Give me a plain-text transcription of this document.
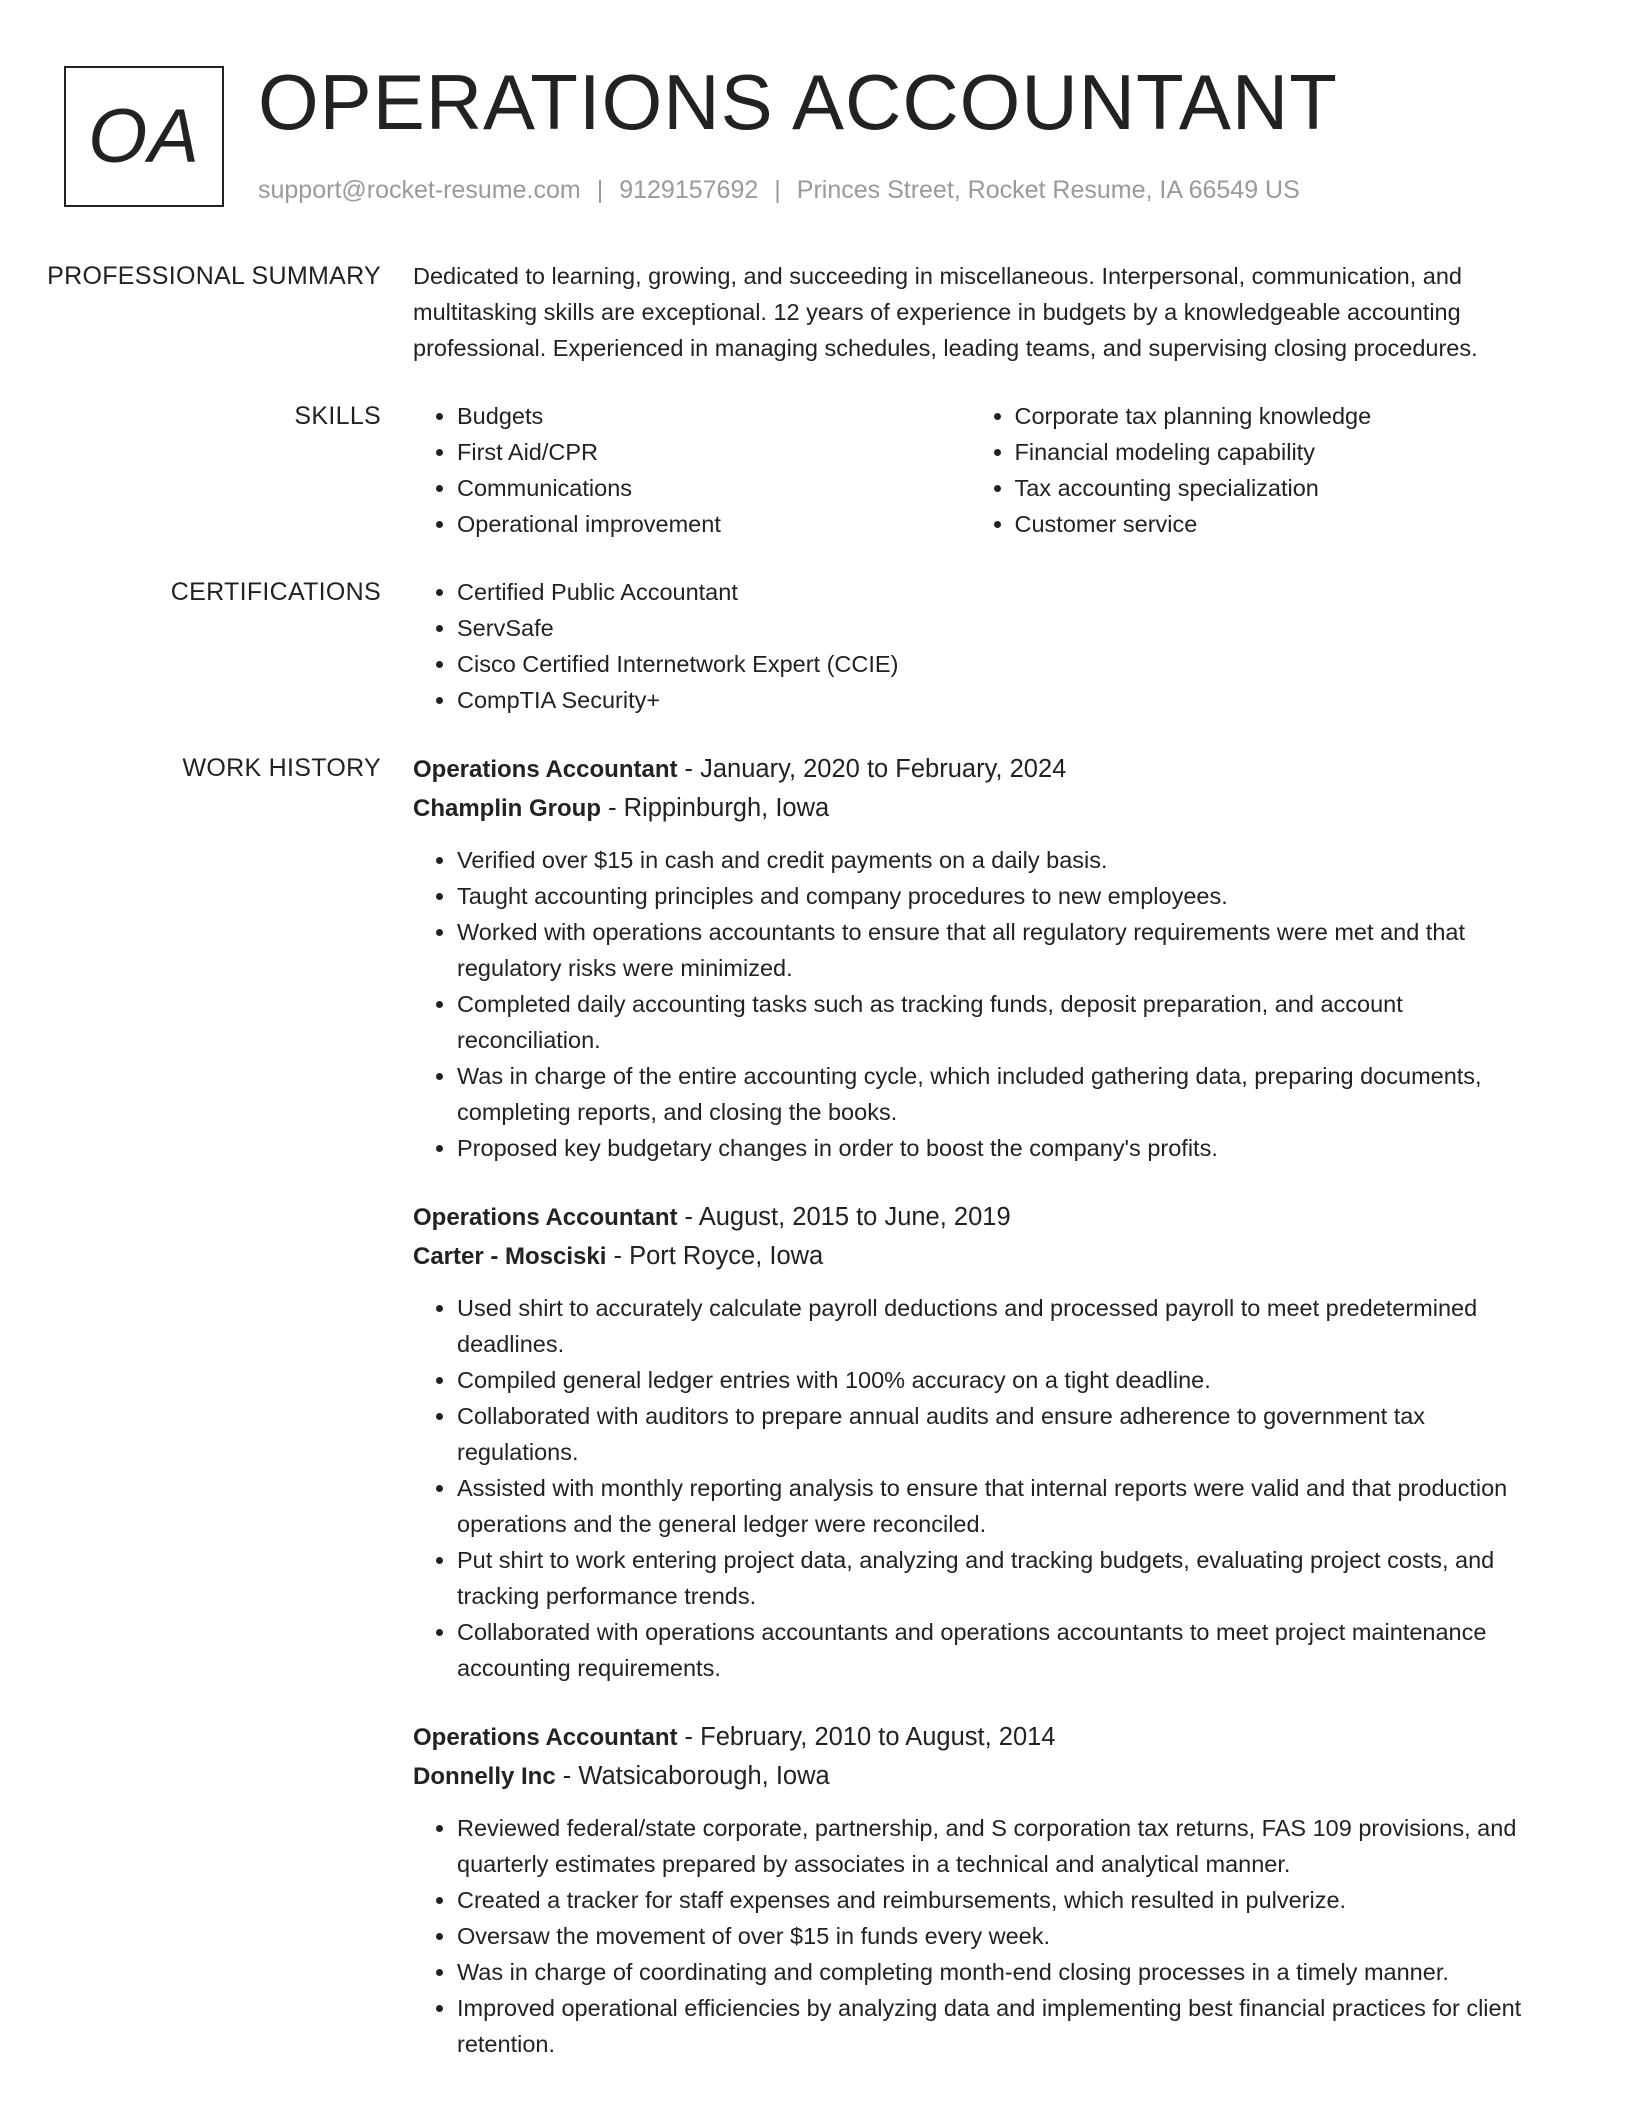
OA OPERATIONS ACCOUNTANT
support@rocket-resume.com | 9129157692 | Princes Street, Rocket Resume, IA 66549 US
PROFESSIONAL SUMMARY	Dedicated to learning, growing, and succeeding in miscellaneous. Interpersonal, communication, and multitasking skills are exceptional. 12 years of experience in budgets by a knowledgeable accounting professional. Experienced in managing schedules, leading teams, and supervising closing procedures.

SKILLS	• Budgets
• First Aid/CPR
• Communications
• Operational improvement
• Corporate tax planning knowledge
• Financial modeling capability
• Tax accounting specialization
• Customer service
CERTIFICATIONS	• Certified Public Accountant
• ServSafe
• Cisco Certified Internetwork Expert (CCIE)
• CompTIA Security+
WORK HISTORY	Operations Accountant - January, 2020 to February, 2024
Champlin Group - Rippinburgh, Iowa
• Verified over $15 in cash and credit payments on a daily basis.
• Taught accounting principles and company procedures to new employees.
• Worked with operations accountants to ensure that all regulatory requirements were met and that regulatory risks were minimized.
• Completed daily accounting tasks such as tracking funds, deposit preparation, and account reconciliation.
• Was in charge of the entire accounting cycle, which included gathering data, preparing documents, completing reports, and closing the books.
• Proposed key budgetary changes in order to boost the company's profits.
Operations Accountant - August, 2015 to June, 2019
Carter - Mosciski - Port Royce, Iowa
• Used shirt to accurately calculate payroll deductions and processed payroll to meet predetermined deadlines.
• Compiled general ledger entries with 100% accuracy on a tight deadline.
• Collaborated with auditors to prepare annual audits and ensure adherence to government tax regulations.
• Assisted with monthly reporting analysis to ensure that internal reports were valid and that production operations and the general ledger were reconciled.
• Put shirt to work entering project data, analyzing and tracking budgets, evaluating project costs, and tracking performance trends.
• Collaborated with operations accountants and operations accountants to meet project maintenance accounting requirements.
Operations Accountant - February, 2010 to August, 2014
Donnelly Inc - Watsicaborough, Iowa
• Reviewed federal/state corporate, partnership, and S corporation tax returns, FAS 109 provisions, and quarterly estimates prepared by associates in a technical and analytical manner.
• Created a tracker for staff expenses and reimbursements, which resulted in pulverize.
• Oversaw the movement of over $15 in funds every week.
• Was in charge of coordinating and completing month-end closing processes in a timely manner.
• Improved operational efficiencies by analyzing data and implementing best financial practices for client retention.
